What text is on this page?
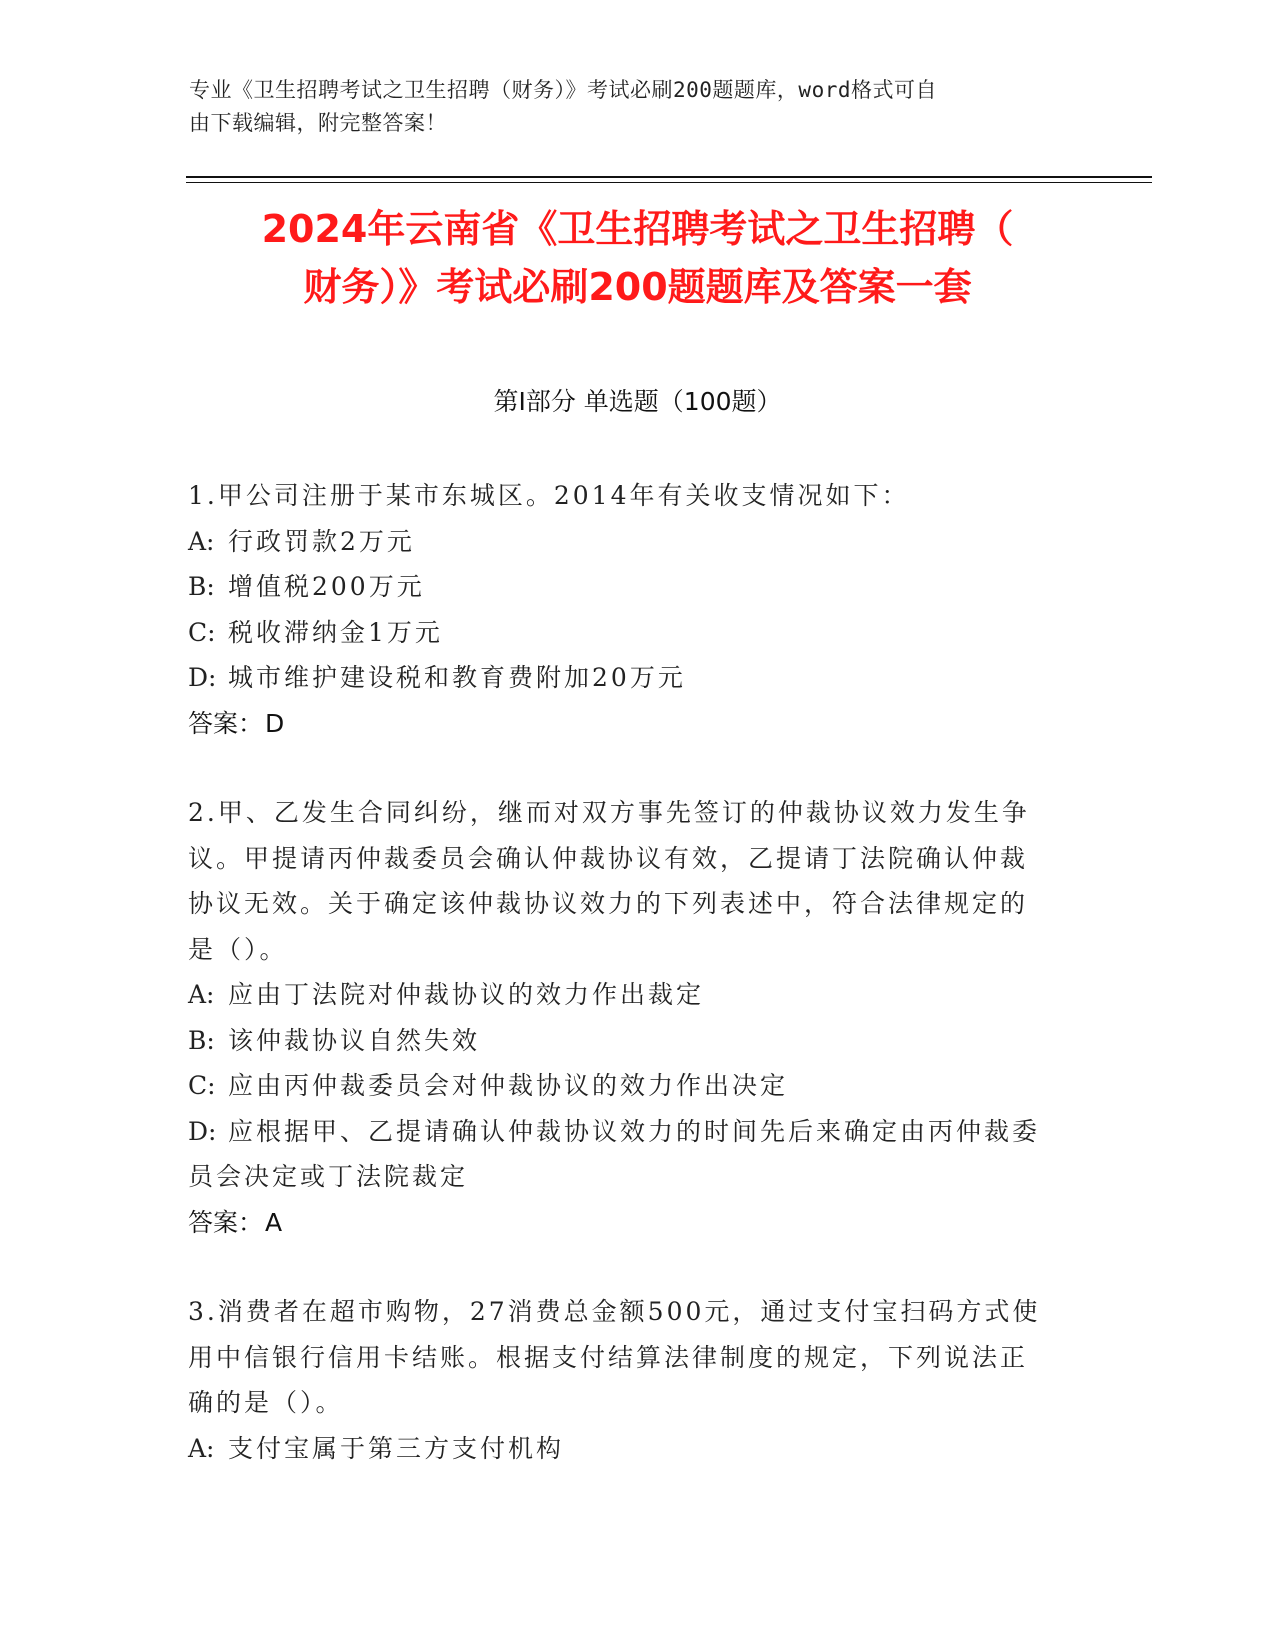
专业《卫生招聘考试之卫生招聘（财务）》考试必刷200题题库，word格式可自
由下载编辑，附完整答案！
2024年云南省《卫生招聘考试之卫生招聘（
财务）》考试必刷200题题库及答案一套
第Ⅰ部分 单选题（100题）

1.甲公司注册于某市东城区。2014年有关收支情况如下：

A: 行政罚款2万元

B: 增值税200万元

C: 税收滞纳金1万元

D: 城市维护建设税和教育费附加20万元

答案：D

2.甲、乙发生合同纠纷，继而对双方事先签订的仲裁协议效力发生争

议。甲提请丙仲裁委员会确认仲裁协议有效，乙提请丁法院确认仲裁

协议无效。关于确定该仲裁协议效力的下列表述中，符合法律规定的

是（）。

A: 应由丁法院对仲裁协议的效力作出裁定

B: 该仲裁协议自然失效

C: 应由丙仲裁委员会对仲裁协议的效力作出决定

D: 应根据甲、乙提请确认仲裁协议效力的时间先后来确定由丙仲裁委

员会决定或丁法院裁定

答案：A

3.消费者在超市购物，27消费总金额500元，通过支付宝扫码方式使

用中信银行信用卡结账。根据支付结算法律制度的规定，下列说法正

确的是（）。

A: 支付宝属于第三方支付机构
